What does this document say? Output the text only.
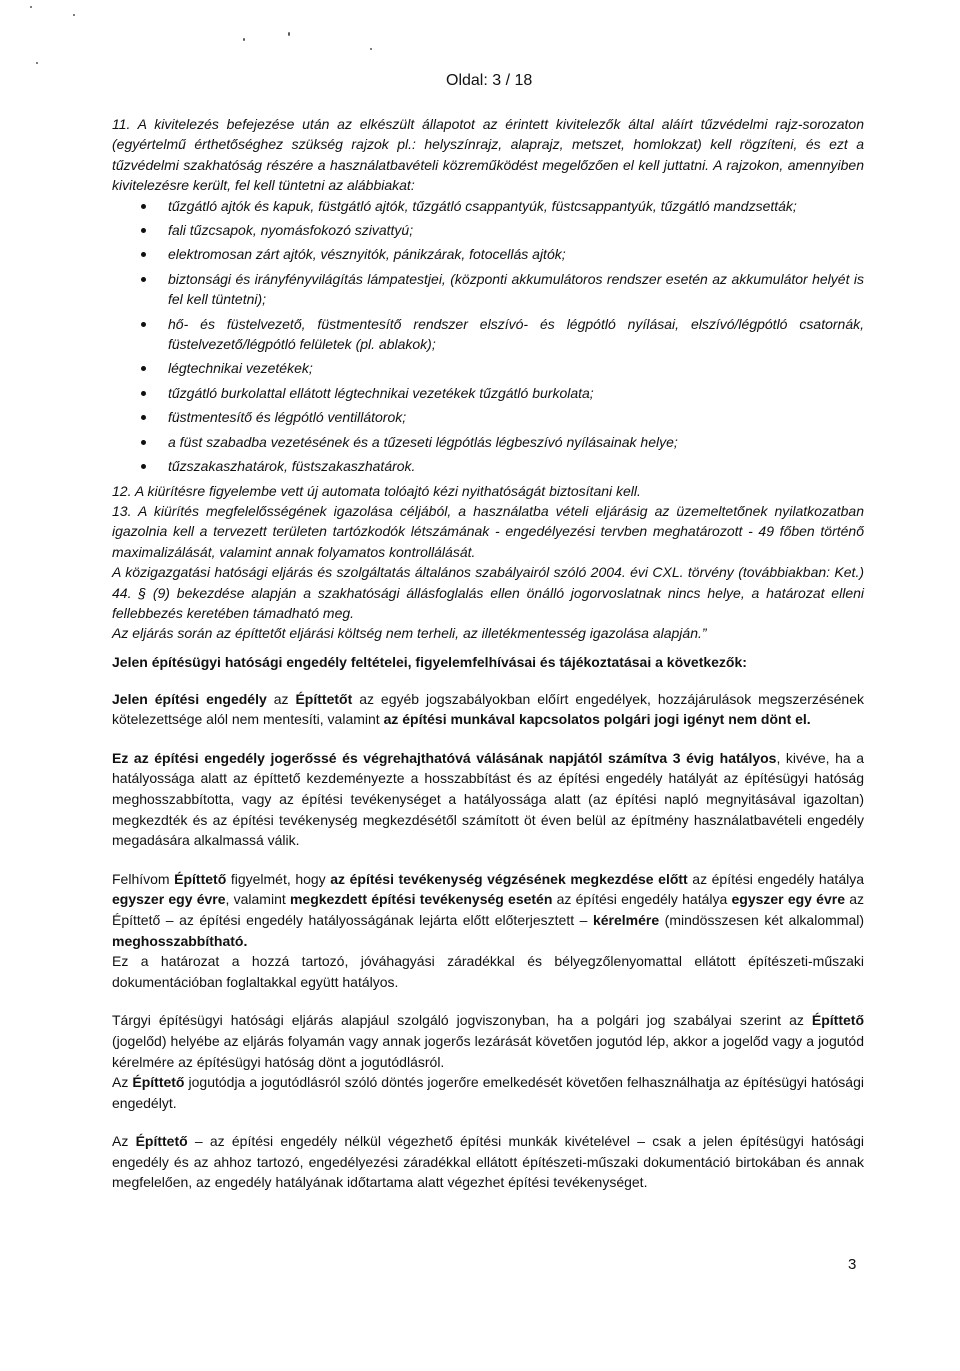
Oldal: 3 / 18

11. A kivitelezés befejezése után az elkészült állapotot az érintett kivitelezők által aláírt tűzvédelmi rajz-sorozaton (egyértelmű érthetőséghez szükség rajzok pl.: helyszínrajz, alaprajz, metszet, homlokzat) kell rögzíteni, és ezt a tűzvédelmi szakhatóság részére a használatbavételi közreműködést megelőzően el kell juttatni. A rajzokon, amennyiben kivitelezésre került, fel kell tüntetni az alábbiakat:

tűzgátló ajtók és kapuk, füstgátló ajtók, tűzgátló csappantyúk, füstcsappantyúk, tűzgátló mandzsetták;
fali tűzcsapok, nyomásfokozó szivattyú;
elektromosan zárt ajtók, vésznyitók, pánikzárak, fotocellás ajtók;
biztonsági és irányfényvilágítás lámpatestjei, (központi akkumulátoros rendszer esetén az akkumulátor helyét is fel kell tüntetni);
hő- és füstelvezető, füstmentesítő rendszer elszívó- és légpótló nyílásai, elszívó/légpótló csatornák, füstelvezető/légpótló felületek (pl. ablakok);
légtechnikai vezetékek;
tűzgátló burkolattal ellátott légtechnikai vezetékek tűzgátló burkolata;
füstmentesítő és légpótló ventillátorok;
a füst szabadba vezetésének és a tűzeseti légpótlás légbeszívó nyílásainak helye;
tűzszakaszhatárok, füstszakaszhatárok.

12. A kiürítésre figyelembe vett új automata tolóajtó kézi nyithatóságát biztosítani kell.

13. A kiürítés megfelelősségének igazolása céljából, a használatba vételi eljárásig az üzemeltetőnek nyilatkozatban igazolnia kell a tervezett területen tartózkodók létszámának - engedélyezési tervben meghatározott - 49 főben történő maximalizálását, valamint annak folyamatos kontrollálását.

A közigazgatási hatósági eljárás és szolgáltatás általános szabályairól szóló 2004. évi CXL. törvény (továbbiakban: Ket.) 44. § (9) bekezdése alapján a szakhatósági állásfoglalás ellen önálló jogorvoslatnak nincs helye, a határozat elleni fellebbezés keretében támadható meg.

Az eljárás során az építtetőt eljárási költség nem terheli, az illetékmentesség igazolása alapján.”

Jelen építésügyi hatósági engedély feltételei, figyelemfelhívásai és tájékoztatásai a következők:

Jelen építési engedély az Építtetőt az egyéb jogszabályokban előírt engedélyek, hozzájárulások megszerzésének kötelezettsége alól nem mentesíti, valamint az építési munkával kapcsolatos polgári jogi igényt nem dönt el.

Ez az építési engedély jogerőssé és végrehajthatóvá válásának napjától számítva 3 évig hatályos, kivéve, ha a hatályossága alatt az építtető kezdeményezte a hosszabbítást és az építési engedély hatályát az építésügyi hatóság meghosszabbította, vagy az építési tevékenységet a hatályossága alatt (az építési napló megnyitásával igazoltan) megkezdték és az építési tevékenység megkezdésétől számított öt éven belül az építmény használatbavételi engedély megadására alkalmassá válik.

Felhívom Építtető figyelmét, hogy az építési tevékenység végzésének megkezdése előtt az építési engedély hatálya egyszer egy évre, valamint megkezdett építési tevékenység esetén az építési engedély hatálya egyszer egy évre az Építtető – az építési engedély hatályosságának lejárta előtt előterjesztett – kérelmére (mindösszesen két alkalommal) meghosszabbítható.

Ez a határozat a hozzá tartozó, jóváhagyási záradékkal és bélyegzőlenyomattal ellátott építészeti-műszaki dokumentációban foglaltakkal együtt hatályos.

Tárgyi építésügyi hatósági eljárás alapjául szolgáló jogviszonyban, ha a polgári jog szabályai szerint az Építtető (jogelőd) helyébe az eljárás folyamán vagy annak jogerős lezárását követően jogutód lép, akkor a jogelőd vagy a jogutód kérelmére az építésügyi hatóság dönt a jogutódlásról.

Az Építtető jogutódja a jogutódlásról szóló döntés jogerőre emelkedését követően felhasználhatja az építésügyi hatósági engedélyt.

Az Építtető – az építési engedély nélkül végezhető építési munkák kivételével – csak a jelen építésügyi hatósági engedély és az ahhoz tartozó, engedélyezési záradékkal ellátott építészeti-műszaki dokumentáció birtokában és annak megfelelően, az engedély hatályának időtartama alatt végezhet építési tevékenységet.

3
